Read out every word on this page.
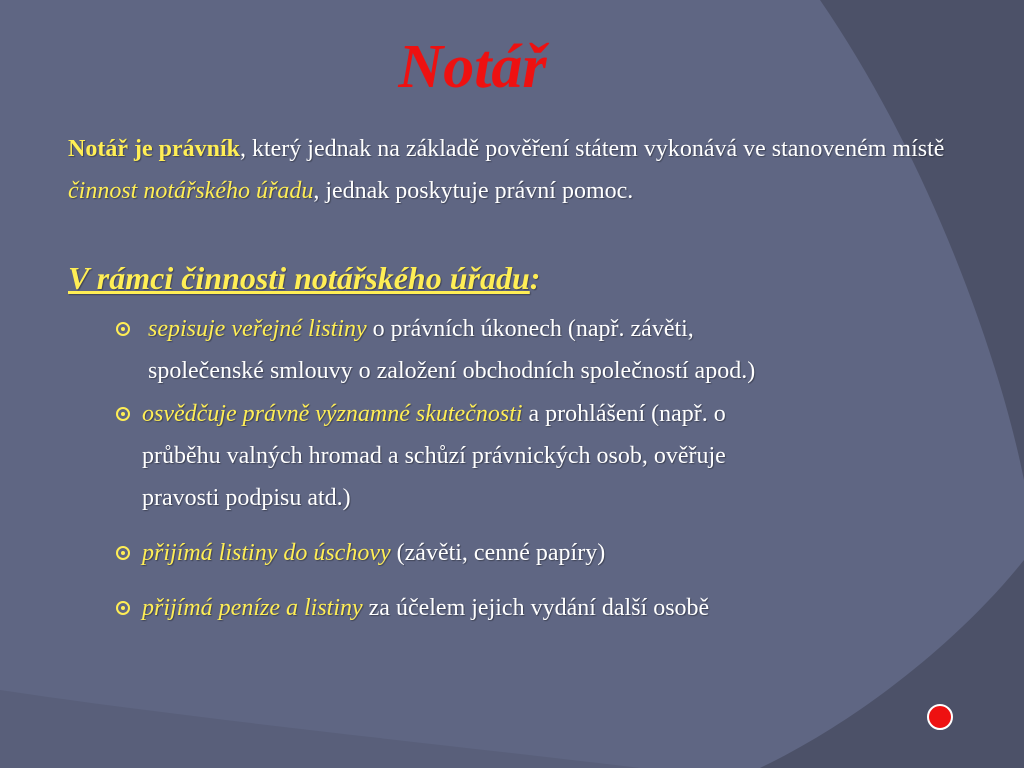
Notář
Notář je právník, který jednak na základě pověření státem vykonává ve stanoveném místě činnost notářského úřadu, jednak poskytuje právní pomoc.
V rámci činnosti notářského úřadu:
sepisuje veřejné listiny o právních úkonech (např. závěti,
společenské smlouvy o založení obchodních společností apod.)
osvědčuje právně významné skutečnosti a prohlášení (např. o
průběhu valných hromad a schůzí právnických osob, ověřuje
pravosti podpisu atd.)
přijímá listiny do úschovy (závěti, cenné papíry)
přijímá peníze a listiny za účelem jejich vydání další osobě
